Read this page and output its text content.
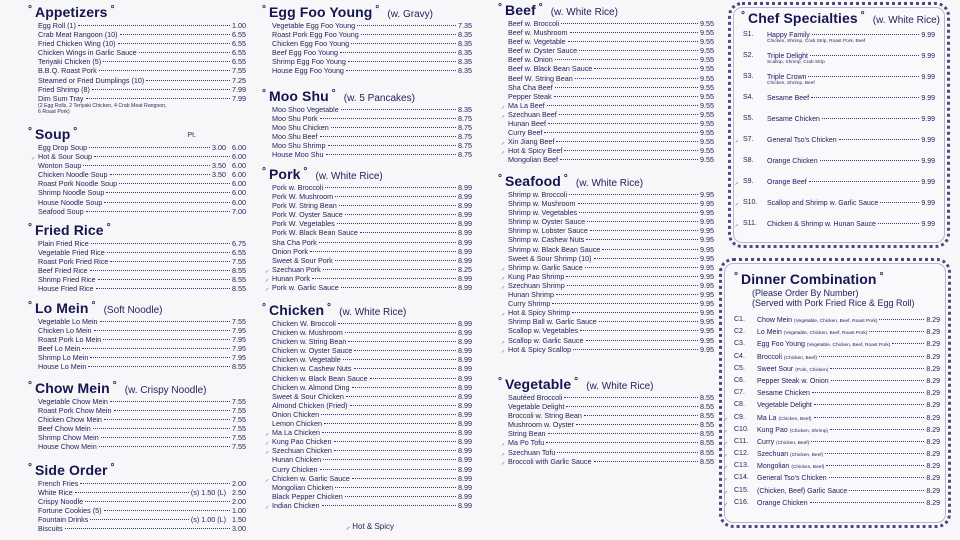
° Appetizers °
Egg Roll (1)	1.00
Crab Meat Rangoon (10)	6.55
Fried Chicken Wing (10)	6.55
Chicken Wings in Garlic Sauce	6.55
Teriyaki Chicken (5)	6.55
B.B.Q. Roast Pork	7.55
Steamed or Fried Dumplings (10)	7.25
Fried Shrimp (8)	7.99
Dim Sum Tray	7.99
(2 Egg Rolls, 2 Teriyaki Chicken, 4 Crab Meat Rangoon,
6 Roast Pork)
° Soup °	Pt.
Egg Drop Soup	3.00 6.00
⸝ Hot & Sour Soup	6.00
Wonton Soup	3.50 6.00
Chicken Noodle Soup	3.50 6.00
Roast Pork Noodle Soup	6.00
Shrimp Noodle Soup	6.00
House Noodle Soup	6.00
Seafood Soup	7.00
° Fried Rice °
Plain Fried Rice	6.75
Vegetable Fried Rice	6.55
Roast Pork Fried Rice	7.55
Beef Fried Rice	8.55
Shrimp Fried Rice	8.55
House Fried Rice	8.55
° Lo Mein °	(Soft Noodle)
Vegetable Lo Mein	7.55
Chicken Lo Mein	7.95
Roast Pork Lo Mein	7.95
Beef Lo Mein	7.95
Shrimp Lo Mein	7.95
House Lo Mein	8.55
° Chow Mein °	(w. Crispy Noodle)
Vegetable Chow Mein	7.55
Roast Pork Chow Mein	7.55
Chicken Chow Mein	7.55
Beef Chow Mein	7.55
Shrimp Chow Mein	7.55
House Chow Mein	7.55
° Side Order °
French Fries	2.00
White Rice	(s) 1.50 (L) 2.50
Crispy Noodle	2.00
Fortune Cookies (5)	1.00
Fountain Drinks	(s) 1.00 (L) 1.50
Biscuits	3.00
° Egg Foo Young °	(w. Gravy)
Vegetable Egg Foo Young	7.35
Roast Pork Egg Foo Young	8.35
Chicken Egg Foo Young	8.35
Beef Egg Foo Young	8.35
Shrimp Egg Foo Young	8.35
House Egg Foo Young	8.35
° Moo Shu °	(w. 5 Pancakes)
Moo Shoo Vegetable	8.35
Moo Shu Pork	8.75
Moo Shu Chicken	8.75
Moo Shu Beef	8.75
Moo Shu Shrimp	8.75
House Moo Shu	8.75
° Pork °	(w. White Rice)
Pork w. Broccoli	8.99
Pork W. Mushroom	8.99
Pork W. String Bean	8.99
Pork W. Oyster Sauce	8.99
Pork W. Vegetables	8.99
Pork W. Black Bean Sauce	8.99
Sha Cha Pork	8.99
Onion Pork	8.99
Sweet & Sour Pork	8.99
⸝ Szechuan Pork	8.25
⸝ Hunan Pork	8.99
⸝ Pork w. Garlic Sauce	8.99
° Chicken °	(w. White Rice)
Chicken W. Broccoli	8.99
Chicken w. Mushroom	8.99
Chicken w. String Bean	8.99
Chicken w. Oyster Sauce	8.99
Chicken w. Vegetable	8.99
Chicken w. Cashew Nuts	8.99
Chicken w. Black Bean Sauce	8.99
Chicken w. Almond Ding	8.99
Sweet & Sour Chicken	8.99
Almond Chicken (Fried)	8.99
Onion Chicken	8.99
Lemon Chicken	8.99
⸝ Ma La Chicken	8.99
⸝ Kung Pao Chicken	8.99
⸝ Szechuan Chicken	8.99
Hunan Chicken	8.99
Curry Chicken	8.99
⸝ Chicken w. Garlic Sauce	8.99
Mongolian Chicken	8.99
Black Pepper Chicken	8.99
⸝ Indian Chicken	8.99
⸝ Hot & Spicy
° Beef °	(w. White Rice)
Beef w. Broccoli	9.55
Beef w. Mushroom	9.55
Beef w. Vegetable	9.55
Beef w. Oyster Sauce	9.55
Beef w. Onion	9.55
Beef w. Black Bean Sauce	9.55
Beef W. String Bean	9.55
Sha Cha Beef	9.55
Pepper Steak	9.55
⸝ Ma La Beef	9.55
⸝ Szechuan Beef	9.55
Hunan Beef	9.55
Curry Beef	9.55
⸝ Xin Jiang Beef	9.55
⸝ Hot & Spicy Beef	9.55
Mongolian Beef	9.55
° Seafood °	(w. White Rice)
Shrimp w. Broccoli	9.95
Shrimp w. Mushroom	9.95
Shrimp w. Vegetables	9.95
Shrimp w. Oyster Sauce	9.95
Shrimp w. Lobster Sauce	9.95
Shrimp w. Cashew Nuts	9.95
Shrimp w. Black Bean Sauce	9.95
Sweet & Sour Shrimp (10)	9.95
⸝ Shrimp w. Garlic Sauce	9.95
⸝ Kung Pao Shrimp	9.95
⸝ Szechuan Shrimp	9.95
Hunan Shrimp	9.95
Curry Shrimp	9.95
⸝ Hot & Spicy Shrimp	9.95
Shrimp Ball w. Garlic Sauce	9.95
Scallop w. Vegetables	9.95
⸝ Scallop w. Garlic Sauce	9.95
⸝ Hot & Spicy Scallop	9.95
° Vegetable °	(w. White Rice)
Sautéed Broccoli	8.55
Vegetable Delight	8.55
Broccoli w. String Bean	8.55
Mushroom w. Oyster	8.55
String Bean	8.55
⸝ Ma Po Tofu	8.55
⸝ Szechuan Tofu	8.55
⸝ Broccoli with Garlic Sauce	8.55
° Chef Specialties °	(w. White Rice)
S1. Happy Family	9.99
Chicken, Shrimp, Crab Strip, Roast Pork, Beef
S2. Triple Delight	9.99
Scallop, Shrimp, Crab Strip
S3. Triple Crown	9.99
Chicken, Shrimp, Beef
S4. Sesame Beef	9.99
S5. Sesame Chicken	9.99
⸝ S7. General Tso's Chicken	9.99
S8. Orange Chicken	9.99
⸝ S9. Orange Beef	9.99
⸝ S10. Scallop and Shrimp w. Garlic Sauce	9.99
⸝ S11. Chicken & Shrimp w. Hunan Sauce	9.99
° Dinner Combination °
(Please Order By Number)
(Served with Pork Fried Rice & Egg Roll)
C1. Chow Mein (Vegetable, Chicken, Beef, Roast Pork)	8.29
C2. Lo Mein (Vegetable, Chicken, Beef, Roast Pork)	8.29
C3. Egg Foo Young (Vegetable, Chicken, Beef, Roast Pork)	8.29
C4. Broccoli (Chicken, Beef)	8.29
C5. Sweet Sour (Pork, Chicken)	8.29
C6. Pepper Steak w. Onion	8.29
C7. Sesame Chicken	8.29
C8. Vegetable Delight	8.29
⸝ C9. Ma La (Chicken, Beef)	8.29
⸝ C10. Kung Pao (Chicken, Shrimp)	8.29
⸝ C11. Curry (Chicken, Beef)	8.29
⸝ C12. Szechuan (Chicken, Beef)	8.29
⸝ C13. Mongolian (Chicken, Beef)	8.29
⸝ C14. General Tso's Chicken	8.29
⸝ C15. (Chicken, Beef) Garlic Sauce	8.29
⸝ C16. Orange Chicken	8.29
